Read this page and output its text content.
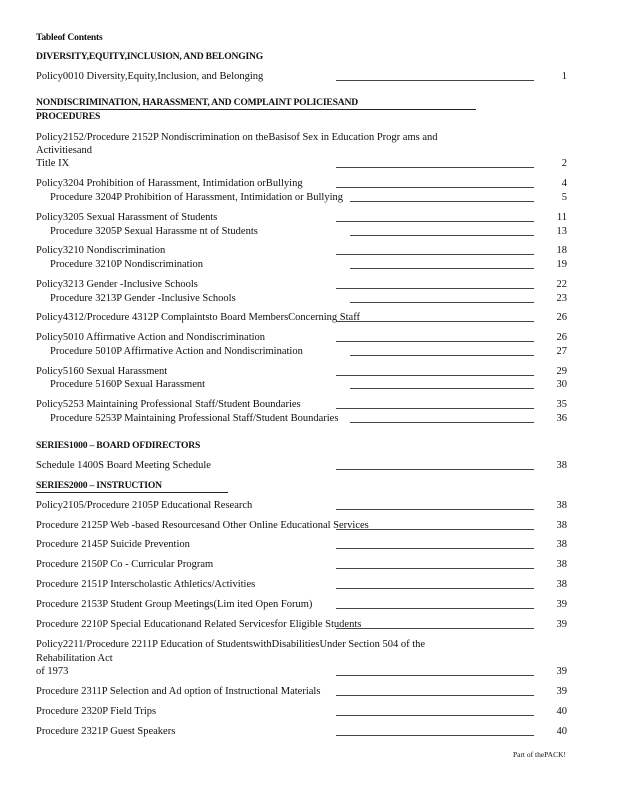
Tableof Contents
DIVERSITY,EQUITY,INCLUSION, AND BELONGING
Policy0010 Diversity,Equity,Inclusion, and Belonging	1
NONDISCRIMINATION, HARASSMENT, AND COMPLAINT POLICIESAND
PROCEDURES
Policy2152/Procedure 2152P Nondiscrimination on theBasisof Sex in Education Progr ams and
Activitiesand
Title IX	2
Policy3204 Prohibition of Harassment, Intimidation orBullying	4
Procedure 3204P Prohibition of Harassment, Intimidation or Bullying	5
Policy3205 Sexual Harassment of Students	11
Procedure 3205P Sexual Harassme nt of Students	13
Policy3210 Nondiscrimination	18
Procedure 3210P Nondiscrimination	19
Policy3213 Gender -Inclusive Schools	22
Procedure 3213P Gender -Inclusive Schools	23
Policy4312/Procedure 4312P Complaintsto Board MembersConcerning Staff	26
Policy5010 Affirmative Action and Nondiscrimination	26
Procedure 5010P Affirmative Action and Nondiscrimination	27
Policy5160 Sexual Harassment	29
Procedure 5160P Sexual Harassment	30
Policy5253 Maintaining Professional Staff/Student Boundaries	35
Procedure 5253P Maintaining Professional Staff/Student Boundaries	36
SERIES1000 – BOARD OFDIRECTORS
Schedule 1400S Board Meeting Schedule	38
SERIES2000 – INSTRUCTION
Policy2105/Procedure 2105P Educational Research	38
Procedure 2125P Web -based Resourcesand Other Online Educational Services	38
Procedure 2145P Suicide Prevention	38
Procedure 2150P Co - Curricular Program	38
Procedure 2151P Interscholastic Athletics/Activities	38
Procedure 2153P Student Group Meetings(Lim ited Open Forum)	39
Procedure 2210P Special Educationand Related Servicesfor Eligible Students	39
Policy2211/Procedure 2211P Education of StudentswithDisabilitiesUnder Section 504 of the
Rehabilitation Act
of 1973	39
Procedure 2311P Selection and Ad option of Instructional Materials	39
Procedure 2320P Field Trips	40
Procedure 2321P Guest Speakers	40
Part of thePACK!
